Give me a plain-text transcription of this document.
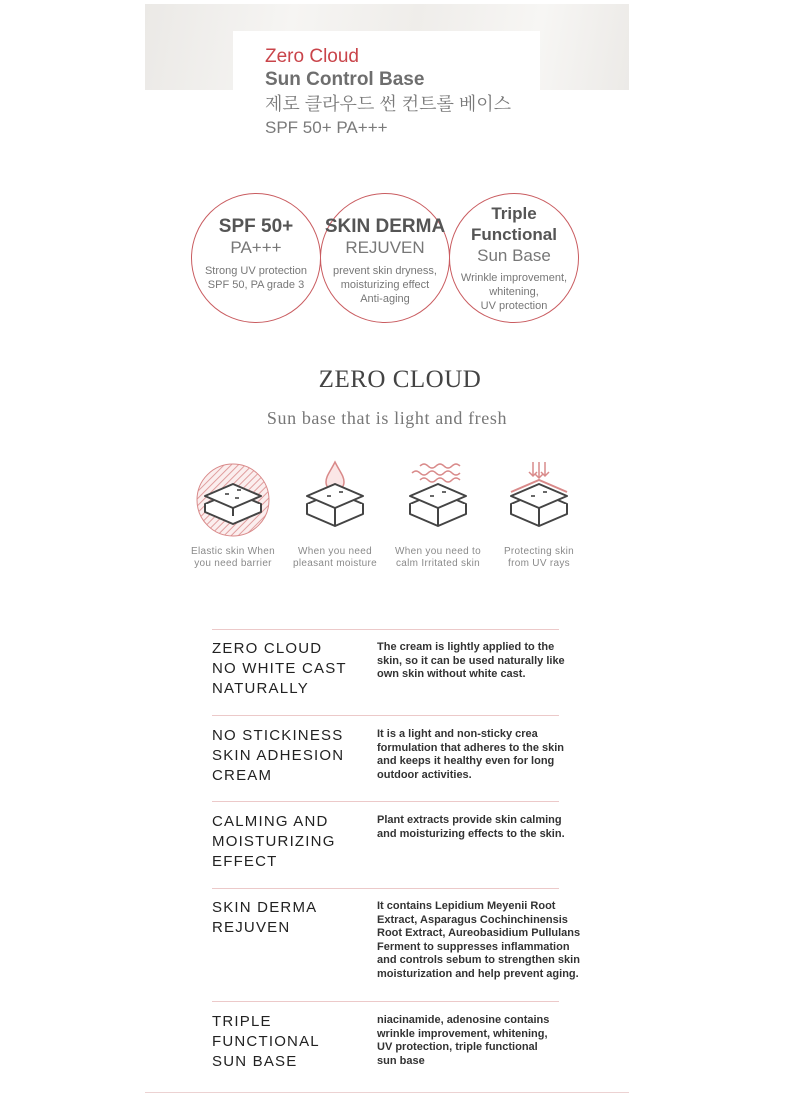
Zero Cloud
Sun Control Base
제로 클라우드 썬 컨트롤 베이스
SPF 50+ PA+++
SPF 50+
PA+++
Strong UV protection
SPF 50, PA grade 3
SKIN DERMA
REJUVEN
prevent skin dryness,
moisturizing effect
Anti-aging
Triple
Functional
Sun Base
Wrinkle improvement,
whitening,
UV protection
ZERO CLOUD
Sun base that is light and fresh
Elastic skin When
you need barrier
When you need
pleasant moisture
When you need to
calm Irritated skin
Protecting skin
from UV rays
ZERO CLOUD
NO WHITE CAST
NATURALLY
The cream is lightly applied to the
skin, so it can be used naturally like
own skin without white cast.
NO STICKINESS
SKIN ADHESION
CREAM
It is a light and non-sticky crea
formulation that adheres to the skin
and keeps it healthy even for long
outdoor activities.
CALMING AND
MOISTURIZING
EFFECT
Plant extracts provide skin calming
and moisturizing effects to the skin.
SKIN DERMA
REJUVEN
It contains Lepidium Meyenii Root
Extract, Asparagus Cochinchinensis
Root Extract, Aureobasidium Pullulans
Ferment to suppresses inflammation
and controls sebum to strengthen skin
moisturization and help prevent aging.
TRIPLE
FUNCTIONAL
SUN BASE
niacinamide, adenosine contains
wrinkle improvement, whitening,
UV protection, triple functional
sun base
